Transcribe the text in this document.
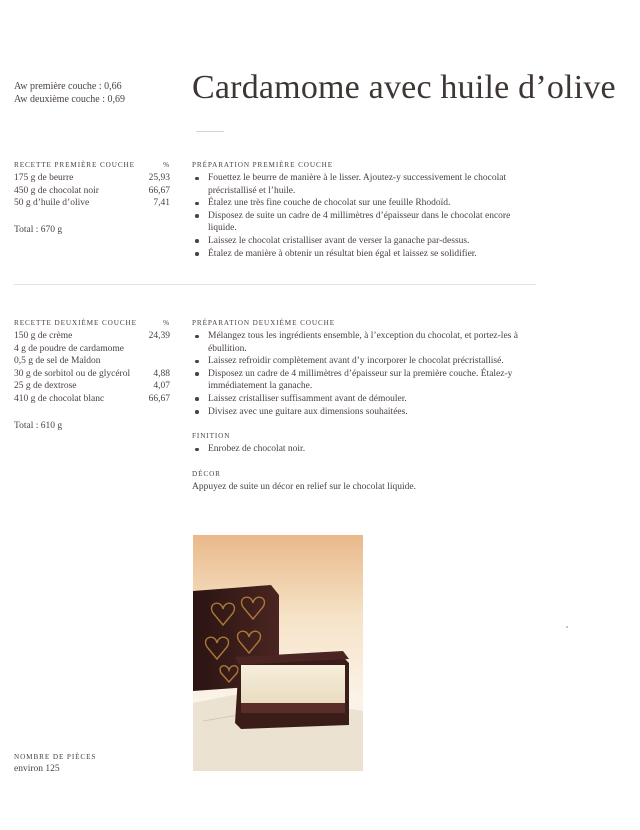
Aw première couche : 0,66
Aw deuxième couche : 0,69 Cardamome avec huile d’olive
RECETTE PREMIÈRE COUCHE	%
175 g de beurre	25,93
450 g de chocolat noir	66,67
50 g d’huile d’olive	7,41
Total : 670 g
PRÉPARATION PREMIÈRE COUCHE
Fouettez le beurre de manière à le lisser. Ajoutez-y successivement le chocolat précristallisé et l’huile.
Étalez une très fine couche de chocolat sur une feuille Rhodoïd.
Disposez de suite un cadre de 4 millimètres d’épaisseur dans le chocolat encore liquide.
Laissez le chocolat cristalliser avant de verser la ganache par-dessus.
Étalez de manière à obtenir un résultat bien égal et laissez se solidifier.
RECETTE DEUXIÈME COUCHE	%
150 g de crème	24,39
4 g de poudre de cardamome
0,5 g de sel de Maldon
30 g de sorbitol ou de glycérol	4,88
25 g de dextrose	4,07
410 g de chocolat blanc	66,67
Total : 610 g
PRÉPARATION DEUXIÈME COUCHE
Mélangez tous les ingrédients ensemble, à l’exception du chocolat, et portez-les à ébullition.
Laissez refroidir complètement avant d’y incorporer le chocolat précristallisé.
Disposez un cadre de 4 millimètres d’épaisseur sur la première couche. Étalez-y immédiatement la ganache.
Laissez cristalliser suffisamment avant de démouler.
Divisez avec une guitare aux dimensions souhaitées.
FINITION
Enrobez de chocolat noir.
DÉCOR
Appuyez de suite un décor en relief sur le chocolat liquide.
NOMBRE DE PIÈCES
environ 125
